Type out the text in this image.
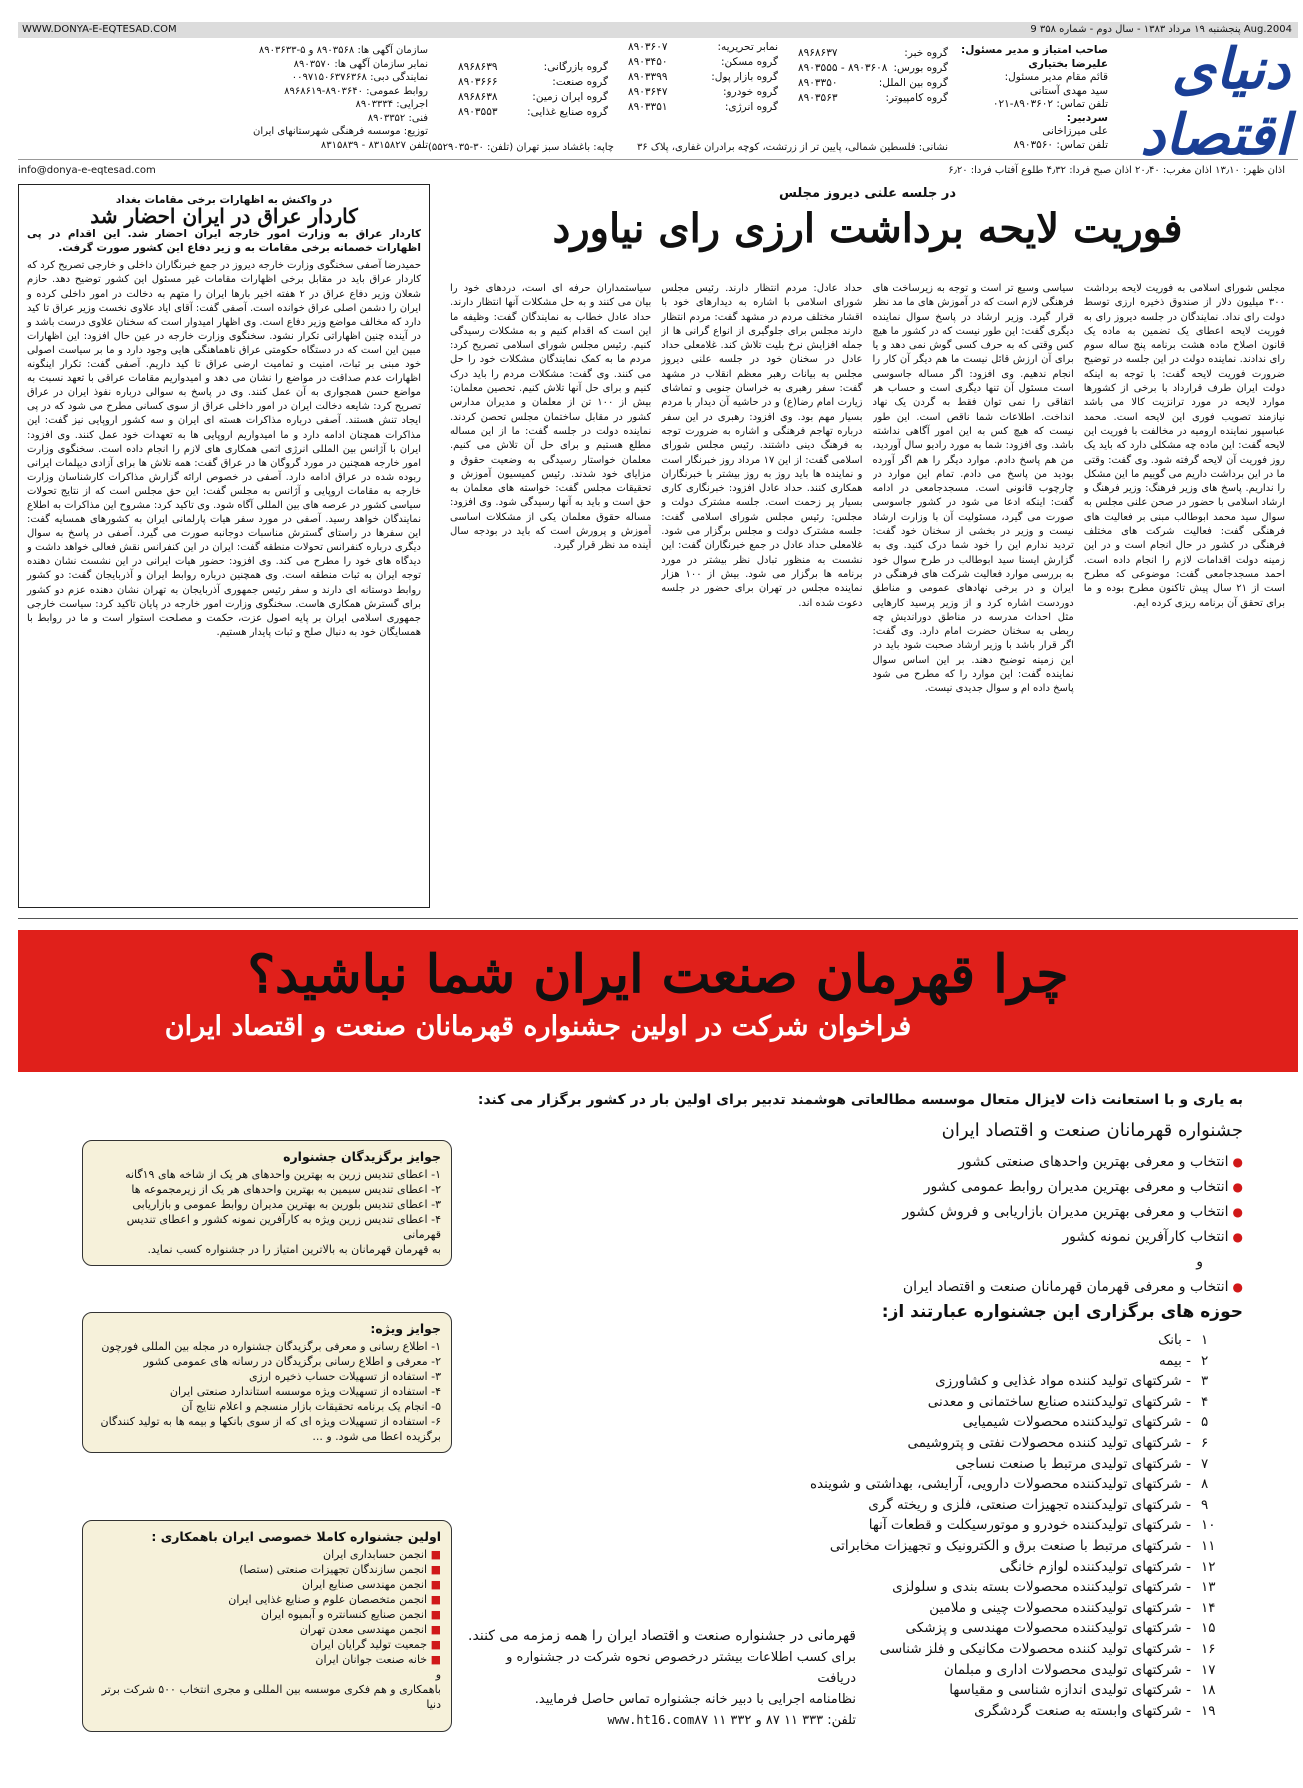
WWW.DONYA-E-EQTESAD.COM	پنجشنبه ۱۹ مرداد ۱۳۸۳ - سال دوم - شماره ۳۵۸ 9 Aug.2004
دنیای اقتصاد
صاحب امتیاز و مدیر مسئول:
علیرضا بختیاری
قائم مقام مدیر مسئول:
سید مهدی آستانی
تلفن تماس: ۸۹۰۳۶۰۲-۰۲۱
سردبیر:
علی میرزاخانی
تلفن تماس: ۸۹۰۳۵۶۰
گروه خبر:
۸۹۶۸۶۳۷
گروه بورس:
۸۹۰۳۶۰۸ - ۸۹۰۳۵۵۵
گروه بین الملل:
۸۹۰۳۳۵۰
گروه کامپیوتر:
۸۹۰۳۵۶۳
نمابر تحریریه:
۸۹۰۳۶۰۷
گروه مسکن:
۸۹۰۳۴۵۰
گروه بازار پول:
۸۹۰۳۳۹۹
گروه خودرو:
۸۹۰۳۶۴۷
گروه انرژی:
۸۹۰۳۳۵۱
گروه بازرگانی:
۸۹۶۸۶۳۹
گروه صنعت:
۸۹۰۳۶۶۶
گروه ایران زمین:
۸۹۶۸۶۳۸
گروه صنایع غذایی:
۸۹۰۳۵۵۳
سازمان آگهی ها: ۸۹۰۳۵۶۸ و ۵-۸۹۰۳۶۳۳
نمابر سازمان آگهی ها: ۸۹۰۳۵۷۰
نمایندگی دبی: ۰۰۹۷۱۵۰۶۳۷۶۳۶۸
روابط عمومی: ۸۹۰۳۶۴۰-۸۹۶۸۶۱۹
اجرایی: ۸۹۰۳۳۳۴
فنی: ۸۹۰۳۳۵۲
توزیع: موسسه فرهنگی شهرستانهای ایران
تلفن ۸۳۱۵۸۲۷ - ۸۳۱۵۸۳۹	نشانی: فلسطین شمالی، پایین تر از زرتشت، کوچه برادران غفاری، پلاک ۳۶
چاپه: باغشاد سبز تهران (تلفن: ۳۰-۵۵۲۹۰۳۵)
اذان ظهر: ۱۳٫۱۰ اذان مغرب: ۲۰٫۴۰ اذان صبح فردا: ۴٫۳۲ طلوع آفتاب فردا: ۶٫۲۰
info@donya-e-eqtesad.com
در واکنش به اظهارات برخی مقامات بغداد
کاردار عراق در ایران احضار شد
کاردار عراق به وزارت امور خارجه ایران احضار شد. این اقدام در پی اظهارات خصمانه برخی مقامات به و زیر دفاع این کشور صورت گرفت.
حمیدرضا آصفی سخنگوی وزارت خارجه دیروز در جمع خبرنگاران داخلی و خارجی تصریح کرد که کاردار عراق باید در مقابل برخی اظهارات مقامات غیر مسئول این کشور توضیح دهد. حازم شعلان وزیر دفاع عراق در ۲ هفته اخیر بارها ایران را متهم به دخالت در امور داخلی کرده و ایران را دشمن اصلی عراق خوانده است. آصفی گفت: آقای ایاد علاوی نخست وزیر عراق تا کید دارد که مخالف مواضع وزیر دفاع است. وی اظهار امیدوار است که سخنان علاوی درست باشد و در آینده چنین اظهاراتی تکرار نشود. سخنگوی وزارت خارجه در عین حال افزود: این اظهارات مبین این است که در دستگاه حکومتی عراق ناهماهنگی هایی وجود دارد و ما بر سیاست اصولی خود مبنی بر ثبات، امنیت و تمامیت ارضی عراق تا کید داریم. آصفی گفت: تکرار اینگونه اظهارات عدم صداقت در مواضع را نشان می دهد و امیدواریم مقامات عراقی با تعهد نسبت به مواضع حسن همجواری به آن عمل کنند. وی در پاسخ به سوالی درباره نفوذ ایران در عراق تصریح کرد: شایعه دخالت ایران در امور داخلی عراق از سوی کسانی مطرح می شود که در پی ایجاد تنش هستند. آصفی درباره مذاکرات هسته ای ایران و سه کشور اروپایی نیز گفت: این مذاکرات همچنان ادامه دارد و ما امیدواریم اروپایی ها به تعهدات خود عمل کنند. وی افزود: ایران با آژانس بین المللی انرژی اتمی همکاری های لازم را انجام داده است. سخنگوی وزارت امور خارجه همچنین در مورد گروگان ها در عراق گفت: همه تلاش ها برای آزادی دیپلمات ایرانی ربوده شده در عراق ادامه دارد. آصفی در خصوص ارائه گزارش مذاکرات کارشناسان وزارت خارجه به مقامات اروپایی و آژانس به مجلس گفت: این حق مجلس است که از نتایج تحولات سیاسی کشور در عرصه های بین المللی آگاه شود. وی تاکید کرد: مشروح این مذاکرات به اطلاع نمایندگان خواهد رسید. آصفی در مورد سفر هیات پارلمانی ایران به کشورهای همسایه گفت: این سفرها در راستای گسترش مناسبات دوجانبه صورت می گیرد. آصفی در پاسخ به سوال دیگری درباره کنفرانس تحولات منطقه گفت: ایران در این کنفرانس نقش فعالی خواهد داشت و دیدگاه های خود را مطرح می کند. وی افزود: حضور هیات ایرانی در این نشست نشان دهنده توجه ایران به ثبات منطقه است. وی همچنین درباره روابط ایران و آذربایجان گفت: دو کشور روابط دوستانه ای دارند و سفر رئیس جمهوری آذربایجان به تهران نشان دهنده عزم دو کشور برای گسترش همکاری هاست. سخنگوی وزارت امور خارجه در پایان تاکید کرد: سیاست خارجی جمهوری اسلامی ایران بر پایه اصول عزت، حکمت و مصلحت استوار است و ما در روابط با همسایگان خود به دنبال صلح و ثبات پایدار هستیم.
در جلسه علنی دیروز مجلس
فوریت لایحه برداشت ارزی رای نیاورد
مجلس شورای اسلامی به فوریت لایحه برداشت ۳۰۰ میلیون دلار از صندوق ذخیره ارزی توسط دولت رای نداد. نمایندگان در جلسه دیروز رای به فوریت لایحه اعطای یک تضمین به ماده یک قانون اصلاح ماده هشت برنامه پنج ساله سوم رای ندادند. نماینده دولت در این جلسه در توضیح ضرورت فوریت لایحه گفت: با توجه به اینکه دولت ایران طرف قرارداد با برخی از کشورها موارد لایحه در مورد ترانزیت کالا می باشد نیازمند تصویب فوری این لایحه است. محمد عباسپور نماینده ارومیه در مخالفت با فوریت این لایحه گفت: این ماده چه مشکلی دارد که باید یک روز فوریت آن لایحه گرفته شود. وی گفت: وقتی ما در این برداشت داریم می گوییم ما این مشکل را نداریم. پاسخ های وزیر فرهنگ: وزیر فرهنگ و ارشاد اسلامی با حضور در صحن علنی مجلس به سوال سید محمد ابوطالب مبنی بر فعالیت های فرهنگی گفت: فعالیت شرکت های مختلف فرهنگی در کشور در حال انجام است و در این زمینه دولت اقدامات لازم را انجام داده است. احمد مسجدجامعی گفت: موضوعی که مطرح است از ۲۱ سال پیش تاکنون مطرح بوده و ما برای تحقق آن برنامه ریزی کرده ایم.
سیاسی وسیع تر است و توجه به زیرساخت های فرهنگی لازم است که در آموزش های ما مد نظر قرار گیرد. وزیر ارشاد در پاسخ سوال نماینده دیگری گفت: این طور نیست که در کشور ما هیچ کس وقتی که به حرف کسی گوش نمی دهد و یا برای آن ارزش قائل نیست ما هم دیگر آن کار را انجام ندهیم. وی افزود: اگر مساله جاسوسی است مسئول آن تنها دیگری است و حساب هر اتفاقی را نمی توان فقط به گردن یک نهاد انداخت. اطلاعات شما ناقص است. این طور نیست که هیچ کس به این امور آگاهی نداشته باشد. وی افزود: شما به مورد رادیو سال آوردید، من هم پاسخ دادم. موارد دیگر را هم اگر آورده بودید من پاسخ می دادم. تمام این موارد در چارچوب قانونی است. مسجدجامعی در ادامه گفت: اینکه ادعا می شود در کشور جاسوسی صورت می گیرد، مسئولیت آن با وزارت ارشاد نیست و وزیر در بخشی از سخنان خود گفت: تردید ندارم این را خود شما درک کنید. وی به گزارش ایسنا سید ابوطالب در طرح سوال خود به بررسی موارد فعالیت شرکت های فرهنگی در ایران و در برخی نهادهای عمومی و مناطق دوردست اشاره کرد و از وزیر پرسید کارهایی مثل احداث مدرسه در مناطق دوراندیش چه ربطی به سخنان حضرت امام دارد. وی گفت: اگر قرار باشد با وزیر ارشاد صحبت شود باید در این زمینه توضیح دهند. بر این اساس سوال نماینده گفت: این موارد را که مطرح می شود پاسخ داده ام و سوال جدیدی نیست.
حداد عادل: مردم انتظار دارند. رئیس مجلس شورای اسلامی با اشاره به دیدارهای خود با اقشار مختلف مردم در مشهد گفت: مردم انتظار دارند مجلس برای جلوگیری از انواع گرانی ها از جمله افزایش نرخ بلیت تلاش کند. غلامعلی حداد عادل در سخنان خود در جلسه علنی دیروز مجلس به بیانات رهبر معظم انقلاب در مشهد گفت: سفر رهبری به خراسان جنوبی و تماشای زیارت امام رضا(ع) و در حاشیه آن دیدار با مردم بسیار مهم بود. وی افزود: رهبری در این سفر درباره تهاجم فرهنگی و اشاره به ضرورت توجه به فرهنگ دینی داشتند. رئیس مجلس شورای اسلامی گفت: از این ۱۷ مرداد روز خبرنگار است و نماینده ها باید روز به روز بیشتر با خبرنگاران همکاری کنند. حداد عادل افزود: خبرنگاری کاری بسیار پر زحمت است. جلسه مشترک دولت و مجلس: رئیس مجلس شورای اسلامی گفت: جلسه مشترک دولت و مجلس برگزار می شود. غلامعلی حداد عادل در جمع خبرنگاران گفت: این نشست به منظور تبادل نظر بیشتر در مورد برنامه ها برگزار می شود. بیش از ۱۰۰ هزار نماینده مجلس در تهران برای حضور در جلسه دعوت شده اند.
سیاستمداران حرفه ای است، دردهای خود را بیان می کنند و به حل مشکلات آنها انتظار دارند. حداد عادل خطاب به نمایندگان گفت: وظیفه ما این است که اقدام کنیم و به مشکلات رسیدگی کنیم. رئیس مجلس شورای اسلامی تصریح کرد: مردم ما به کمک نمایندگان مشکلات خود را حل می کنند. وی گفت: مشکلات مردم را باید درک کنیم و برای حل آنها تلاش کنیم. تحصین معلمان: بیش از ۱۰۰ تن از معلمان و مدیران مدارس کشور در مقابل ساختمان مجلس تحصن کردند. نماینده دولت در جلسه گفت: ما از این مساله مطلع هستیم و برای حل آن تلاش می کنیم. معلمان خواستار رسیدگی به وضعیت حقوق و مزایای خود شدند. رئیس کمیسیون آموزش و تحقیقات مجلس گفت: خواسته های معلمان به حق است و باید به آنها رسیدگی شود. وی افزود: مساله حقوق معلمان یکی از مشکلات اساسی آموزش و پرورش است که باید در بودجه سال آینده مد نظر قرار گیرد.
چرا قهرمان صنعت ایران شما نباشید؟
فراخوان شرکت در اولین جشنواره قهرمانان صنعت و اقتصاد ایران
به یاری و با استعانت ذات لایزال متعال موسسه مطالعاتی هوشمند تدبیر برای اولین بار در کشور برگزار می کند:
جشنواره قهرمانان صنعت و اقتصاد ایران
●انتخاب و معرفی بهترین واحدهای صنعتی کشور
●انتخاب و معرفی بهترین مدیران روابط عمومی کشور
●انتخاب و معرفی بهترین مدیران بازاریابی و فروش کشور
●انتخاب کارآفرین نمونه کشور
و
●انتخاب و معرفی قهرمان قهرمانان صنعت و اقتصاد ایران
حوزه های برگزاری این جشنواره عبارتند از:
۱
- بانک
۲
- بیمه
۳
- شرکتهای تولید کننده مواد غذایی و کشاورزی
۴
- شرکتهای تولیدکننده صنایع ساختمانی و معدنی
۵
- شرکتهای تولیدکننده محصولات شیمیایی
۶
- شرکتهای تولید کننده محصولات نفتی و پتروشیمی
۷
- شرکتهای تولیدی مرتبط با صنعت نساجی
۸
- شرکتهای تولیدکننده محصولات دارویی، آرایشی، بهداشتی و شوینده
۹
- شرکتهای تولیدکننده تجهیزات صنعتی، فلزی و ریخته گری
۱۰
- شرکتهای تولیدکننده خودرو و موتورسیکلت و قطعات آنها
۱۱
- شرکتهای مرتبط با صنعت برق و الکترونیک و تجهیزات مخابراتی
۱۲
- شرکتهای تولیدکننده لوازم خانگی
۱۳
- شرکتهای تولیدکننده محصولات بسته بندی و سلولزی
۱۴
- شرکتهای تولیدکننده محصولات چینی و ملامین
۱۵
- شرکتهای تولیدکننده محصولات مهندسی و پزشکی
۱۶
- شرکتهای تولید کننده محصولات مکانیکی و فلز شناسی
۱۷
- شرکتهای تولیدی محصولات اداری و مبلمان
۱۸
- شرکتهای تولیدی اندازه شناسی و مقیاسها
۱۹
- شرکتهای وابسته به صنعت گردشگری
جوایز برگزیدگان جشنواره
۱- اعطای تندیس زرین به بهترین واحدهای هر یک از شاخه های ۱۹گانه
۲- اعطای تندیس سیمین به بهترین واحدهای هر یک از زیرمجموعه ها
۳- اعطای تندیس بلورین به بهترین مدیران روابط عمومی و بازاریابی
۴- اعطای تندیس زرین ویژه به کارآفرین نمونه کشور و اعطای تندیس قهرمانی
به قهرمان قهرمانان به بالاترین امتیاز را در جشنواره کسب نماید.
جوایز ویژه:
۱- اطلاع رسانی و معرفی برگزیدگان جشنواره در مجله بین المللی فورچون
۲- معرفی و اطلاع رسانی برگزیدگان در رسانه های عمومی کشور
۳- استفاده از تسهیلات حساب ذخیره ارزی
۴- استفاده از تسهیلات ویژه موسسه استاندارد صنعتی ایران
۵- انجام یک برنامه تحقیقات بازار منسجم و اعلام نتایج آن
۶- استفاده از تسهیلات ویژه ای که از سوی بانکها و بیمه ها به تولید کنندگان
برگزیده اعطا می شود. و ...
اولین جشنواره کاملا خصوصی ایران باهمکاری :
■ انجمن حسابداری ایران
■ انجمن سازندگان تجهیزات صنعتی (ستصا)
■ انجمن مهندسی صنایع ایران
■ انجمن متخصصان علوم و صنایع غذایی ایران
■ انجمن صنایع کنسانتره و آبمیوه ایران
■ انجمن مهندسی معدن تهران
■ جمعیت تولید گرایان ایران
■ خانه صنعت جوانان ایران
و
باهمکاری و هم فکری موسسه بین المللی و مجری انتخاب ۵۰۰ شرکت برتر دنیا
قهرمانی در جشنواره صنعت و اقتصاد ایران را همه زمزمه می کنند.
برای کسب اطلاعات بیشتر درخصوص نحوه شرکت در جشنواره و دریافت
نظامنامه اجرایی با دبیر خانه جشنواره تماس حاصل فرمایید.
تلفن: ۳۳۳ ۱۱ ۸۷ و ۳۳۲ ۱۱ ۸۷www.ht16.com
